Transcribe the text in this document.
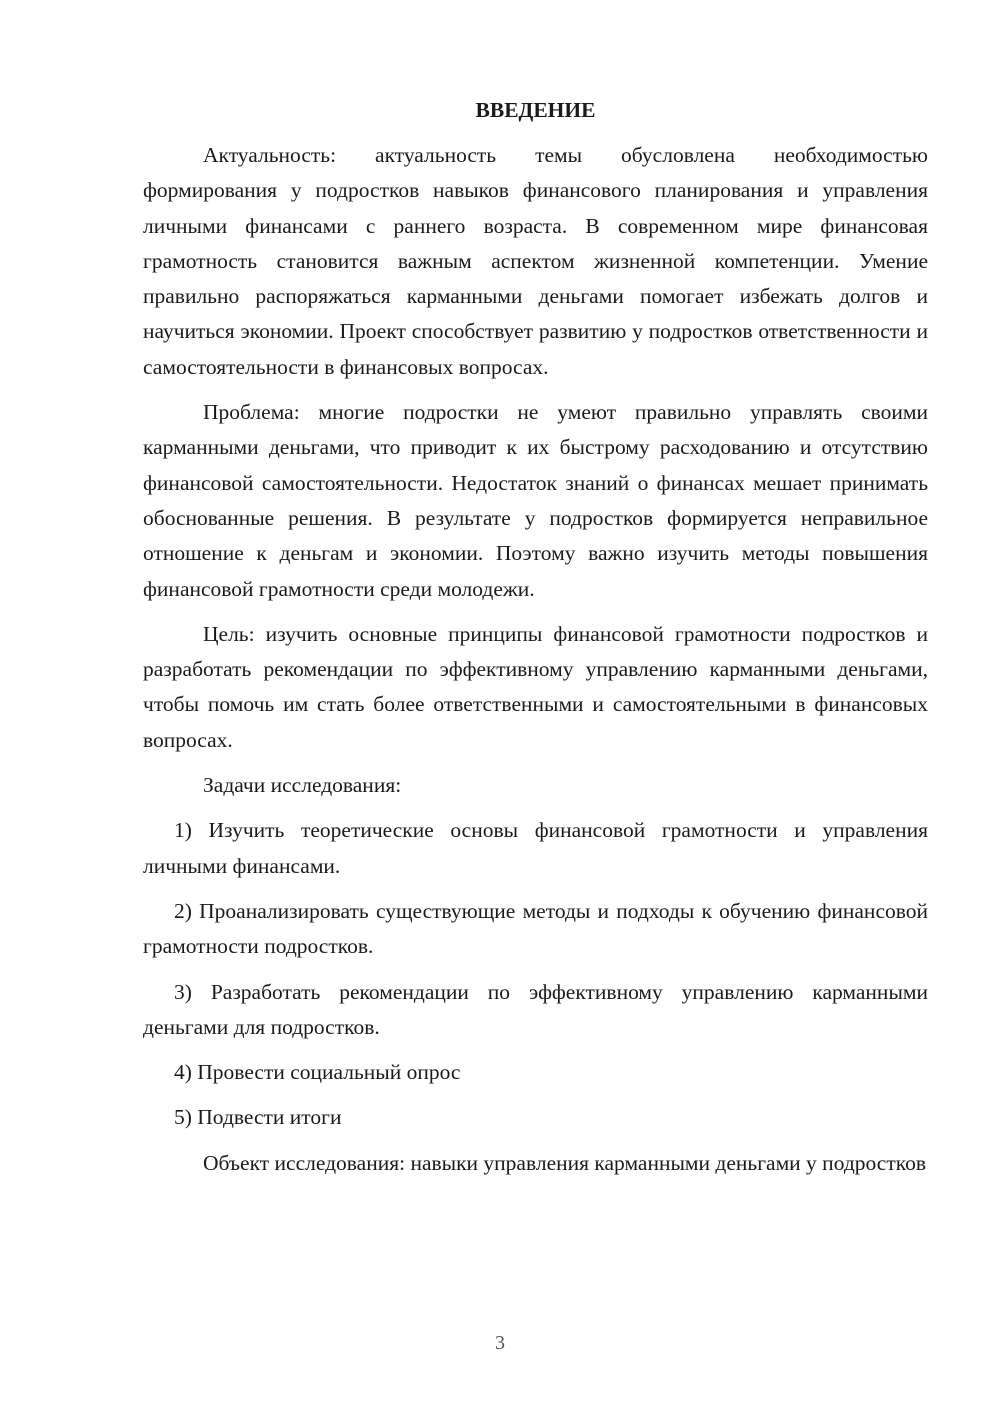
ВВЕДЕНИЕ

Актуальность: актуальность темы обусловлена необходимостью формирования у подростков навыков финансового планирования и управления личными финансами с раннего возраста. В современном мире финансовая грамотность становится важным аспектом жизненной компетенции. Умение правильно распоряжаться карманными деньгами помогает избежать долгов и научиться экономии. Проект способствует развитию у подростков ответственности и самостоятельности в финансовых вопросах.

Проблема: многие подростки не умеют правильно управлять своими карманными деньгами, что приводит к их быстрому расходованию и отсутствию финансовой самостоятельности. Недостаток знаний о финансах мешает принимать обоснованные решения. В результате у подростков формируется неправильное отношение к деньгам и экономии. Поэтому важно изучить методы повышения финансовой грамотности среди молодежи.

Цель: изучить основные принципы финансовой грамотности подростков и разработать рекомендации по эффективному управлению карманными деньгами, чтобы помочь им стать более ответственными и самостоятельными в финансовых вопросах.

Задачи исследования:

1) Изучить теоретические основы финансовой грамотности и управления личными финансами.

2) Проанализировать существующие методы и подходы к обучению финансовой грамотности подростков.

3) Разработать рекомендации по эффективному управлению карманными деньгами для подростков.

4) Провести социальный опрос

5) Подвести итоги

Объект исследования: навыки управления карманными деньгами у подростков

3
